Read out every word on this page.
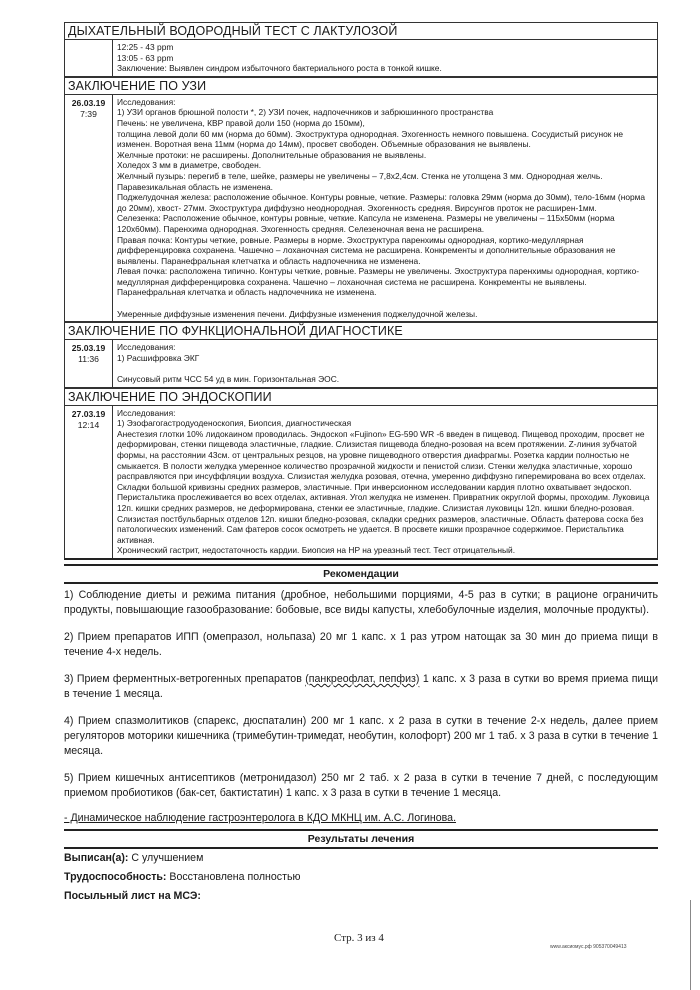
ДЫХАТЕЛЬНЫЙ ВОДОРОДНЫЙ ТЕСТ С ЛАКТУЛОЗОЙ

12:25 - 43 ppm

13:05 - 63 ppm

Заключение: Выявлен синдром избыточного бактериального роста в тонкой кишке.

ЗАКЛЮЧЕНИЕ ПО УЗИ
26.03.19
7:39

Исследования:

1) УЗИ органов брюшной полости *, 2) УЗИ почек, надпочечников и забрюшинного пространства

Печень: не увеличена, КВР правой доли 150 (норма до 150мм),

толщина левой доли 60 мм (норма до 60мм). Эхоструктура однородная. Эхогенность немного повышена. Сосудистый рисунок не изменен. Воротная вена 11мм (норма до 14мм), просвет свободен. Объемные образования не выявлены.

Желчные протоки: не расширены. Дополнительные образования не выявлены.

Холедох 3 мм в диаметре, свободен.

Желчный пузырь: перегиб в теле, шейке, размеры не увеличены – 7,8х2,4см. Стенка не утолщена 3 мм. Однородная желчь. Паравезикальная область не изменена.

Поджелудочная железа: расположение обычное. Контуры ровные, четкие. Размеры: головка 29мм (норма до 30мм), тело-16мм (норма до 20мм), хвост- 27мм. Эхоструктура диффузно неоднородная. Эхогенность средняя. Вирсунгов проток не расширен-1мм.

Селезенка: Расположение обычное, контуры ровные, четкие. Капсула не изменена. Размеры не увеличены – 115х50мм (норма 120х60мм). Паренхима однородная. Эхогенность средняя. Селезеночная вена не расширена.

Правая почка: Контуры четкие, ровные. Размеры в норме. Эхоструктура паренхимы однородная, кортико-медуллярная дифференцировка сохранена. Чашечно – лоханочная система не расширена. Конкременты и дополнительные образования не выявлены. Паранефральная клетчатка и область надпочечника не изменена.

Левая почка: расположена типично. Контуры четкие, ровные. Размеры не увеличены. Эхоструктура паренхимы однородная, кортико-медуллярная дифференцировка сохранена. Чашечно – лоханочная система не расширена. Конкременты не выявлены. Паранефральная клетчатка и область надпочечника не изменена.

Умеренные диффузные изменения печени. Диффузные изменения поджелудочной железы.

ЗАКЛЮЧЕНИЕ ПО ФУНКЦИОНАЛЬНОЙ ДИАГНОСТИКЕ
25.03.19
11:36

Исследования:

1) Расшифровка ЭКГ

Синусовый ритм ЧСС 54 уд в мин. Горизонтальная ЭОС.

ЗАКЛЮЧЕНИЕ ПО ЭНДОСКОПИИ
27.03.19
12:14

Исследования:

1) Эзофагогастродуоденоскопия, Биопсия, диагностическая

Анестезия глотки 10% лидокаином проводилась. Эндоскоп «Fujinon» EG-590 WR -6 введен в пищевод. Пищевод проходим, просвет не деформирован, стенки пищевода эластичные, гладкие. Слизистая пищевода бледно-розовая на всем протяжении. Z-линия зубчатой формы, на расстоянии 43см. от центральных резцов, на уровне пищеводного отверстия диафрагмы. Розетка кардии полностью не смыкается. В полости желудка умеренное количество прозрачной жидкости и пенистой слизи. Стенки желудка эластичные, хорошо расправляются при инсуффляции воздуха. Слизистая желудка розовая, отечна, умеренно диффузно гиперемирована во всех отделах. Складки большой кривизны средних размеров, эластичные. При инверсионном исследовании кардия плотно охватывает эндоскоп. Перистальтика прослеживается во всех отделах, активная. Угол желудка не изменен. Привратник округлой формы, проходим. Луковица 12п. кишки средних размеров, не деформирована, стенки ее эластичные, гладкие. Слизистая луковицы 12п. кишки бледно-розовая. Слизистая постбульбарных отделов 12п. кишки бледно-розовая, складки средних размеров, эластичные. Область фатерова соска без патологических изменений. Сам фатеров сосок осмотреть не удается. В просвете кишки прозрачное содержимое. Перистальтика активная.

Хронический гастрит, недостаточность кардии. Биопсия на HP на уреазный тест. Тест отрицательный.

Рекомендации

1) Соблюдение диеты и режима питания (дробное, небольшими порциями, 4-5 раз в сутки; в рационе ограничить продукты, повышающие газообразование: бобовые, все виды капусты, хлебобулочные изделия, молочные продукты).

2) Прием препаратов ИПП (омепразол, нольпаза) 20 мг 1 капс. х 1 раз утром натощак за 30 мин до приема пищи в течение 4-х недель.

3) Прием ферментных-ветрогенных препаратов (панкреофлат, пепфиз) 1 капс. х 3 раза в сутки во время приема пищи в течение 1 месяца.

4) Прием спазмолитиков (спарекс, дюспаталин) 200 мг 1 капс. х 2 раза в сутки в течение 2-х недель, далее прием регуляторов моторики кишечника (тримебутин-тримедат, необутин, колофорт) 200 мг 1 таб. х 3 раза в сутки в течение 1 месяца.

5) Прием кишечных антисептиков (метронидазол) 250 мг 2 таб. х 2 раза в сутки в течение 7 дней, с последующим приемом пробиотиков (бак-сет, бактистатин) 1 капс. х 3 раза в сутки в течение 1 месяца.

- Динамическое наблюдение гастроэнтеролога в КДО МКНЦ им. А.С. Логинова.
Результаты лечения
Выписан(а): С улучшением
Трудоспособность: Восстановлена полностью
Посыльный лист на МСЭ:
Стр. 3 из 4
www.аксиомус.рф 905370049413
